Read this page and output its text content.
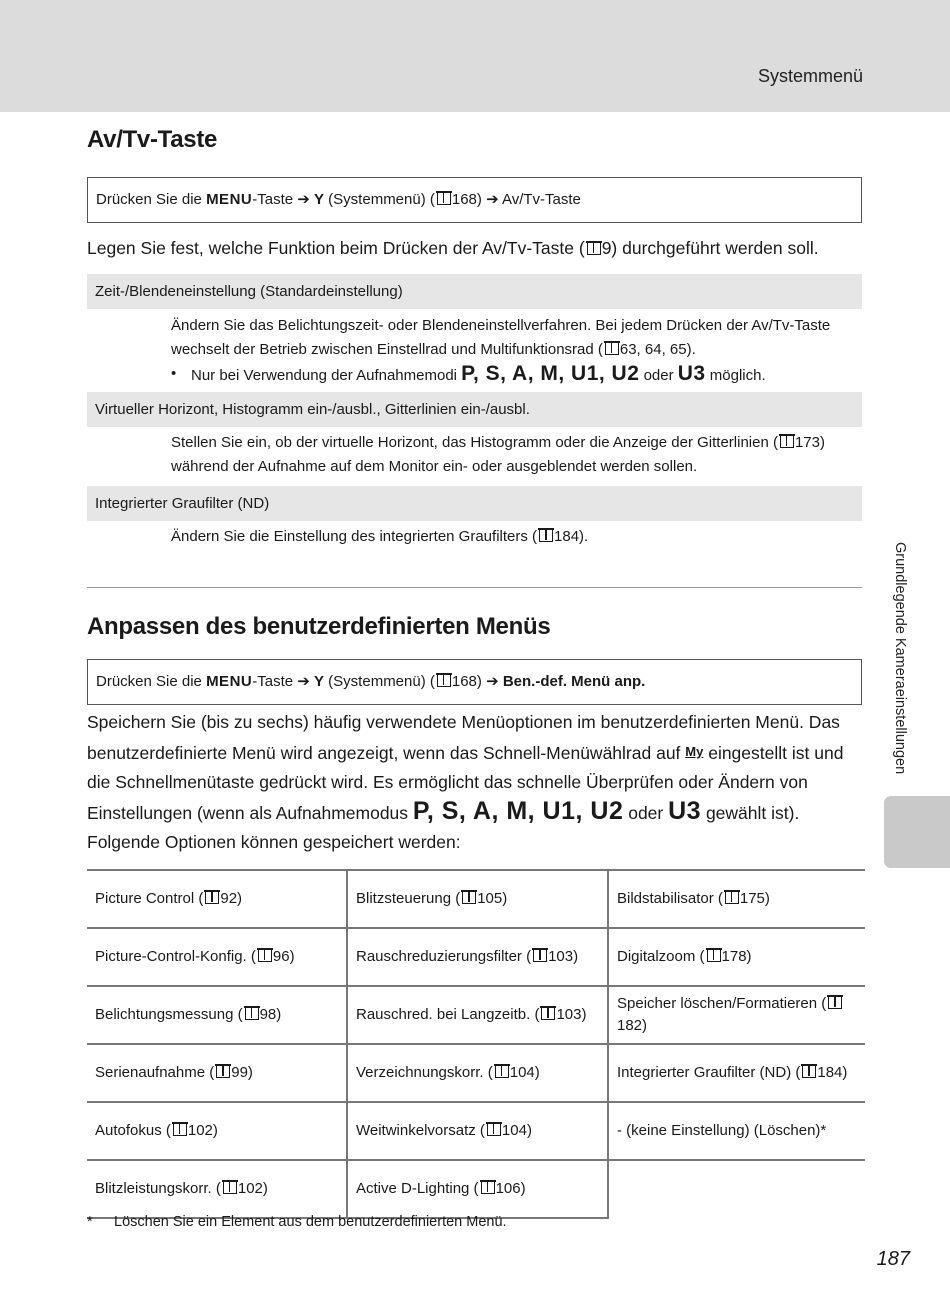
Systemmenü
Av/Tv-Taste
Drücken Sie die MENU-Taste ➔ Y (Systemmenü) ( 168) ➔ Av/Tv-Taste
Legen Sie fest, welche Funktion beim Drücken der Av/Tv-Taste ( 9) durchgeführt werden soll.
Zeit-/Blendeneinstellung (Standardeinstellung)
Ändern Sie das Belichtungszeit- oder Blendeneinstellverfahren. Bei jedem Drücken der Av/Tv-Taste wechselt der Betrieb zwischen Einstellrad und Multifunktionsrad ( 63, 64, 65).
• Nur bei Verwendung der Aufnahmemodi P, S, A, M, U1, U2 oder U3 möglich.
Virtueller Horizont, Histogramm ein-/ausbl., Gitterlinien ein-/ausbl.
Stellen Sie ein, ob der virtuelle Horizont, das Histogramm oder die Anzeige der Gitterlinien ( 173) während der Aufnahme auf dem Monitor ein- oder ausgeblendet werden sollen.
Integrierter Graufilter (ND)
Ändern Sie die Einstellung des integrierten Graufilters ( 184).
Anpassen des benutzerdefinierten Menüs
Drücken Sie die MENU-Taste ➔ Y (Systemmenü) ( 168) ➔ Ben.-def. Menü anp.
Speichern Sie (bis zu sechs) häufig verwendete Menüoptionen im benutzerdefinierten Menü. Das benutzerdefinierte Menü wird angezeigt, wenn das Schnell-Menüwählrad auf My eingestellt ist und die Schnellmenütaste gedrückt wird. Es ermöglicht das schnelle Überprüfen oder Ändern von Einstellungen (wenn als Aufnahmemodus P, S, A, M, U1, U2 oder U3 gewählt ist).
Folgende Optionen können gespeichert werden:
Picture Control ( 92)	Blitzsteuerung ( 105)	Bildstabilisator ( 175)
Picture-Control-Konfig. ( 96)	Rauschreduzierungsfilter ( 103)	Digitalzoom ( 178)
Belichtungsmessung ( 98)	Rauschred. bei Langzeitb. ( 103)	Speicher löschen/Formatieren (182)
Serienaufnahme ( 99)	Verzeichnungskorr. ( 104)	Integrierter Graufilter (ND) ( 184)
Autofokus ( 102)	Weitwinkelvorsatz ( 104)	- (keine Einstellung) (Löschen)*
Blitzleistungskorr. ( 102)	Active D-Lighting ( 106)	
* Löschen Sie ein Element aus dem benutzerdefinierten Menü.
187
Grundlegende Kameraeinstellungen
